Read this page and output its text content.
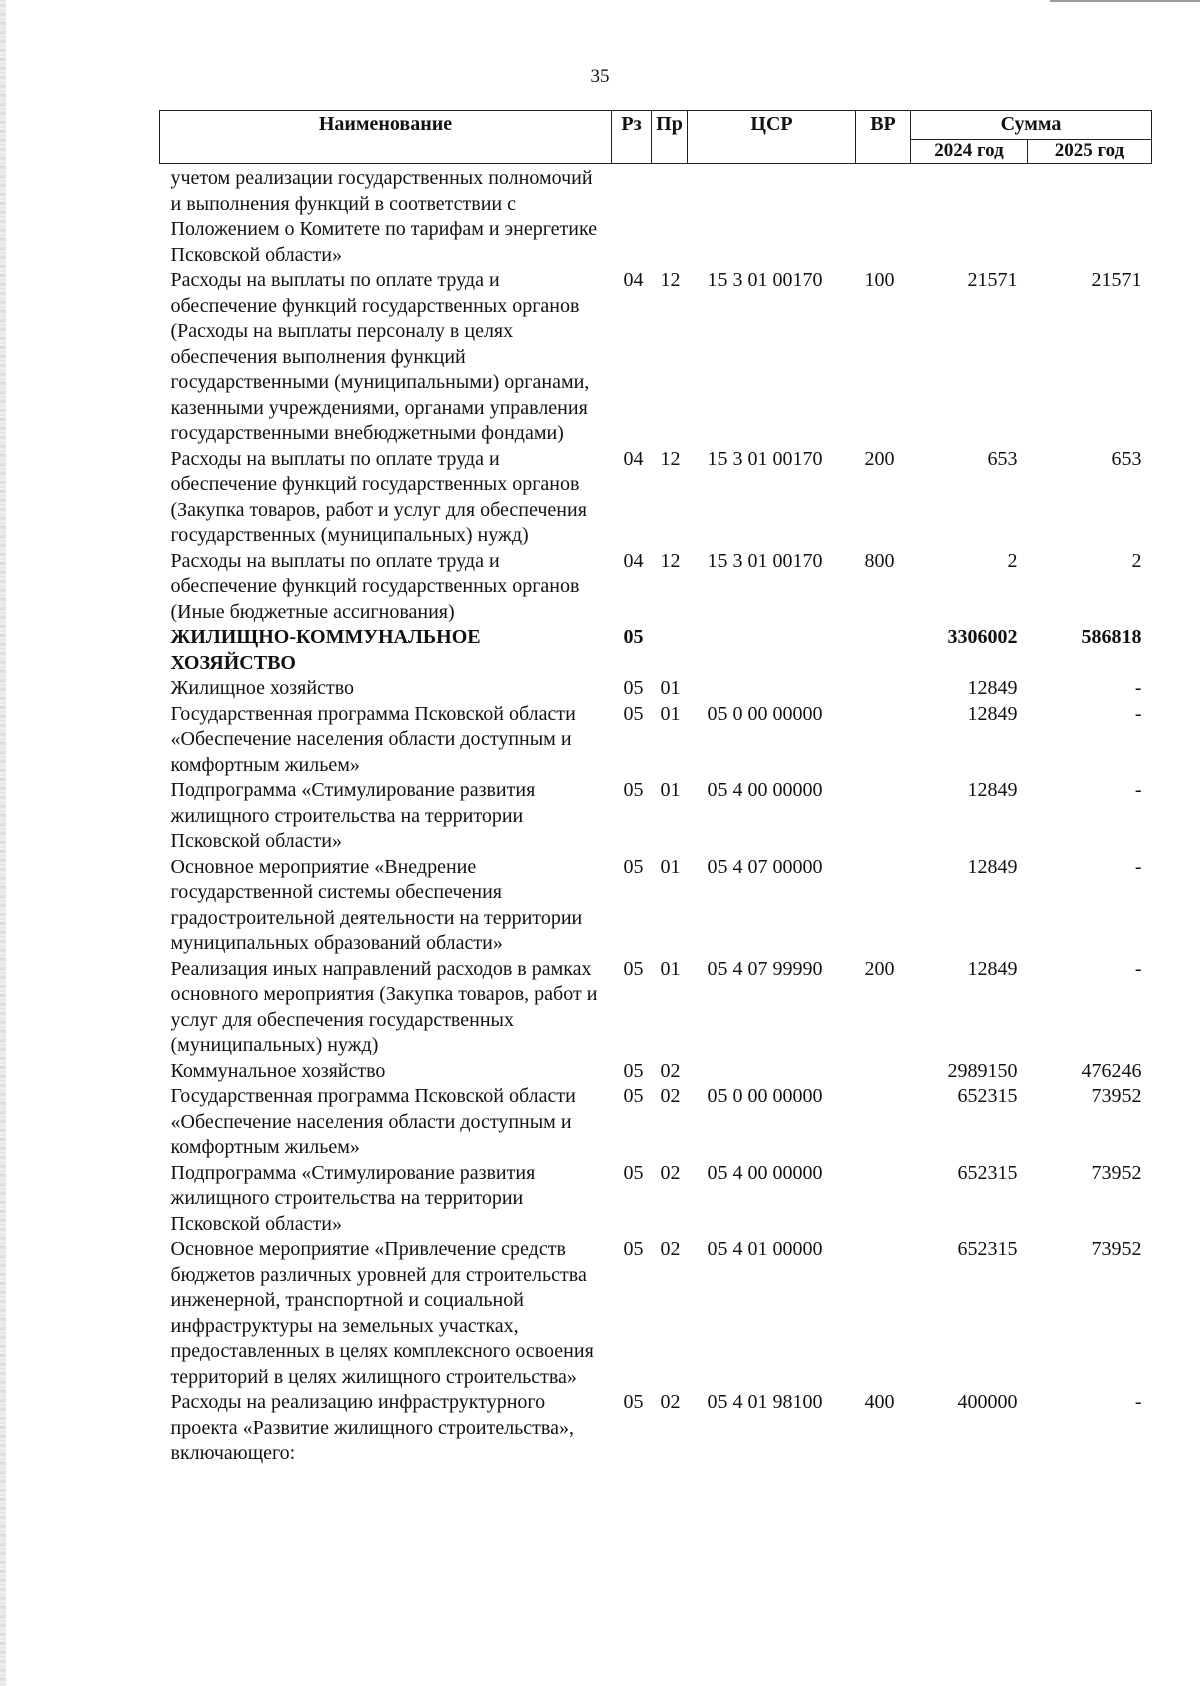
35
Наименование	Рз	Пр	ЦСР	ВР	Сумма	
					2024 год	2025 год
учетом реализации государственных полномочий и выполнения функций в соответствии с Положением о Комитете по тарифам и энергетике Псковской области»						
Расходы на выплаты по оплате труда и обеспечение функций государственных органов (Расходы на выплаты персоналу в целях обеспечения выполнения функций государственными (муниципальными) органами, казенными учреждениями, органами управления государственными внебюджетными фондами)	04	12	15 3 01 00170	100	21571	21571
Расходы на выплаты по оплате труда и обеспечение функций государственных органов (Закупка товаров, работ и услуг для обеспечения государственных (муниципальных) нужд)	04	12	15 3 01 00170	200	653	653
Расходы на выплаты по оплате труда и обеспечение функций государственных органов (Иные бюджетные ассигнования)	04	12	15 3 01 00170	800	2	2
ЖИЛИЩНО-КОММУНАЛЬНОЕ ХОЗЯЙСТВО	05				3306002	586818
Жилищное хозяйство	05	01			12849	-
Государственная программа Псковской области «Обеспечение населения области доступным и комфортным жильем»	05	01	05 0 00 00000		12849	-
Подпрограмма «Стимулирование развития жилищного строительства на территории Псковской области»	05	01	05 4 00 00000		12849	-
Основное мероприятие «Внедрение государственной системы обеспечения градостроительной деятельности на территории муниципальных образований области»	05	01	05 4 07 00000		12849	-
Реализация иных направлений расходов в рамках основного мероприятия (Закупка товаров, работ и услуг для обеспечения государственных (муниципальных) нужд)	05	01	05 4 07 99990	200	12849	-
Коммунальное хозяйство	05	02			2989150	476246
Государственная программа Псковской области «Обеспечение населения области доступным и комфортным жильем»	05	02	05 0 00 00000		652315	73952
Подпрограмма «Стимулирование развития жилищного строительства на территории Псковской области»	05	02	05 4 00 00000		652315	73952
Основное мероприятие «Привлечение средств бюджетов различных уровней для строительства инженерной, транспортной и социальной инфраструктуры на земельных участках, предоставленных в целях комплексного освоения территорий в целях жилищного строительства»	05	02	05 4 01 00000		652315	73952
Расходы на реализацию инфраструктурного проекта «Развитие жилищного строительства», включающего:	05	02	05 4 01 98100	400	400000	-
